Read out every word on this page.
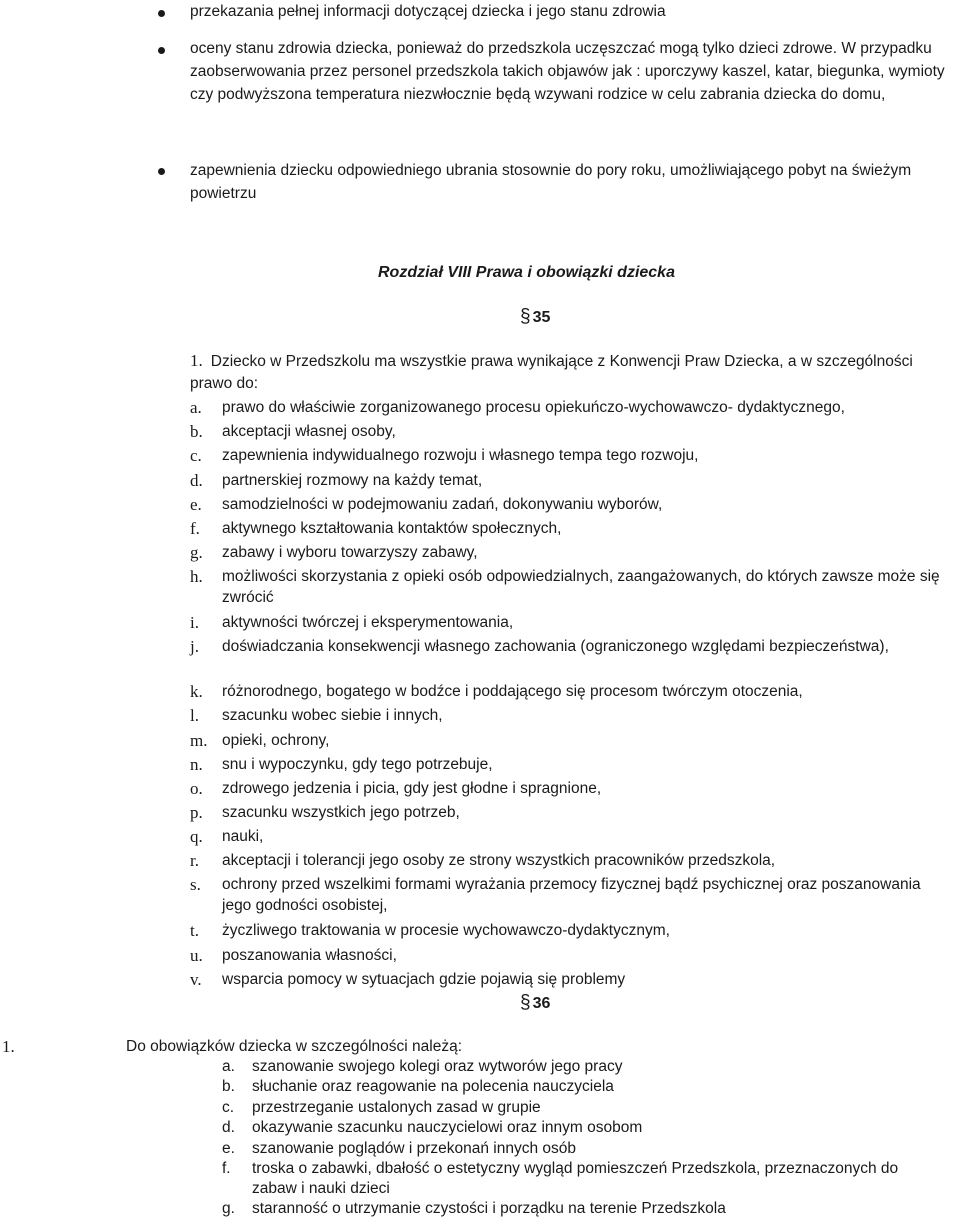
przekazania pełnej informacji dotyczącej dziecka i jego stanu zdrowia
oceny stanu zdrowia dziecka, ponieważ do przedszkola uczęszczać mogą tylko dzieci zdrowe. W przypadku zaobserwowania przez personel przedszkola takich objawów jak : uporczywy kaszel, katar, biegunka, wymioty czy podwyższona temperatura niezwłocznie będą wzywani rodzice w celu zabrania dziecka do domu,
zapewnienia dziecku odpowiedniego ubrania stosownie do pory roku, umożliwiającego pobyt na świeżym powietrzu
Rozdział VIII Prawa i obowiązki dziecka
§ 35
1. Dziecko w Przedszkolu ma wszystkie prawa wynikające z Konwencji Praw Dziecka, a w szczególności prawo do:
a. prawo do właściwie zorganizowanego procesu opiekuńczo-wychowawczo- dydaktycznego,
b. akceptacji własnej osoby,
c. zapewnienia indywidualnego rozwoju i własnego tempa tego rozwoju,
d. partnerskiej rozmowy na każdy temat,
e. samodzielności w podejmowaniu zadań, dokonywaniu wyborów,
f. aktywnego kształtowania kontaktów społecznych,
g. zabawy i wyboru towarzyszy zabawy,
h. możliwości skorzystania z opieki osób odpowiedzialnych, zaangażowanych, do których zawsze może się zwrócić
i. aktywności twórczej i eksperymentowania,
j. doświadczania konsekwencji własnego zachowania (ograniczonego względami bezpieczeństwa),
k. różnorodnego, bogatego w bodźce i poddającego się procesom twórczym otoczenia,
l. szacunku wobec siebie i innych,
m. opieki, ochrony,
n. snu i wypoczynku, gdy tego potrzebuje,
o. zdrowego jedzenia i picia, gdy jest głodne i spragnione,
p. szacunku wszystkich jego potrzeb,
q. nauki,
r. akceptacji i tolerancji jego osoby ze strony wszystkich pracowników przedszkola,
s. ochrony przed wszelkimi formami wyrażania przemocy fizycznej bądź psychicznej oraz poszanowania jego godności osobistej,
t. życzliwego traktowania w procesie wychowawczo-dydaktycznym,
u. poszanowania własności,
v. wsparcia pomocy w sytuacjach gdzie pojawią się problemy
§ 36
1.	Do obowiązków dziecka w szczególności należą:
a. szanowanie swojego kolegi oraz wytworów jego pracy
b. słuchanie oraz reagowanie na polecenia nauczyciela
c. przestrzeganie ustalonych zasad w grupie
d. okazywanie szacunku nauczycielowi oraz innym osobom
e. szanowanie poglądów i przekonań innych osób
f. troska o zabawki, dbałość o estetyczny wygląd pomieszczeń Przedszkola, przeznaczonych do zabaw i nauki dzieci
g. staranność o utrzymanie czystości i porządku na terenie Przedszkola
